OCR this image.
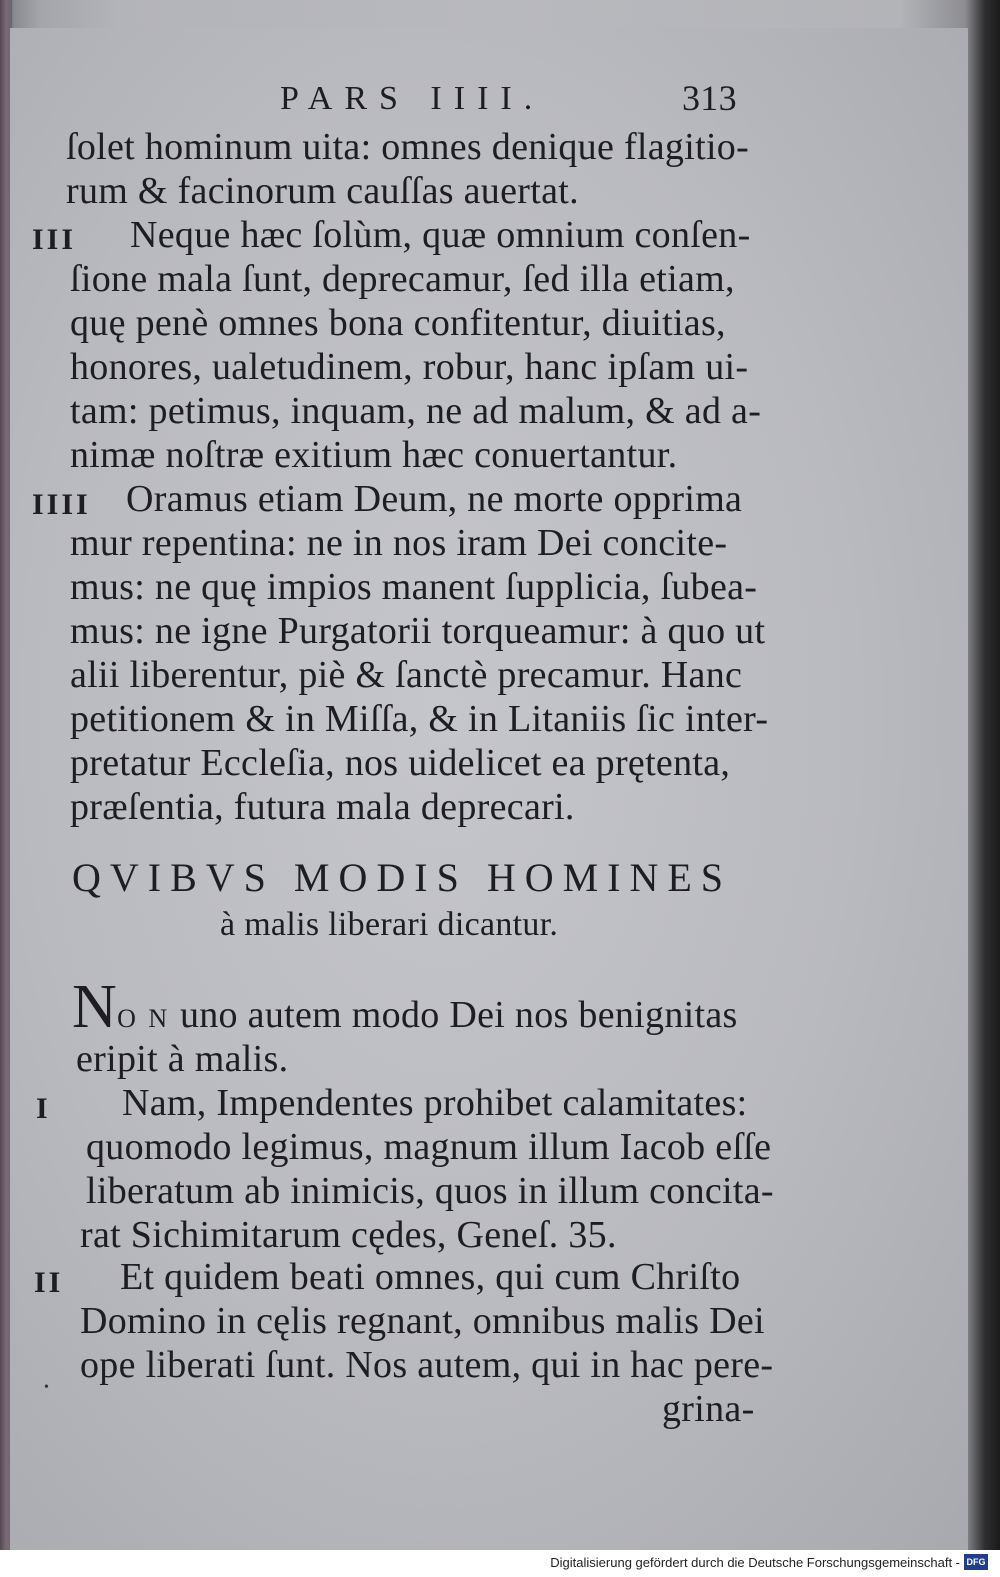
PARS IIII.	313
ſolet hominum uita: omnes denique flagitio-
rum & facinorum cauſſas auertat.
III Neque hæc ſolùm, quæ omnium conſen-
ſione mala ſunt, deprecamur, ſed illa etiam,
quę penè omnes bona confitentur, diuitias,
honores, ualetudinem, robur, hanc ipſam ui-
tam: petimus, inquam, ne ad malum, & ad a-
nimæ noſtræ exitium hæc conuertantur.
IIII Oramus etiam Deum, ne morte opprima
mur repentina: ne in nos iram Dei concite-
mus: ne quę impios manent ſupplicia, ſubea-
mus: ne igne Purgatorii torqueamur: à quo ut
alii liberentur, piè & ſanctè precamur. Hanc
petitionem & in Miſſa, & in Litaniis ſic inter-
pretatur Eccleſia, nos uidelicet ea prętenta,
præſentia, futura mala deprecari.
QVIBVS MODIS HOMINES
à malis liberari dicantur.
NO N uno autem modo Dei nos benignitas
eripit à malis.
I Nam, Impendentes prohibet calamitates:
quomodo legimus, magnum illum Iacob eſſe
liberatum ab inimicis, quos in illum concita-
rat Sichimitarum cędes, Geneſ. 35.
II Et quidem beati omnes, qui cum Chriſto
Domino in cęlis regnant, omnibus malis Dei
ope liberati ſunt. Nos autem, qui in hac pere-
grina-
•
Digitalisierung gefördert durch die Deutsche Forschungsgemeinschaft - DFG
